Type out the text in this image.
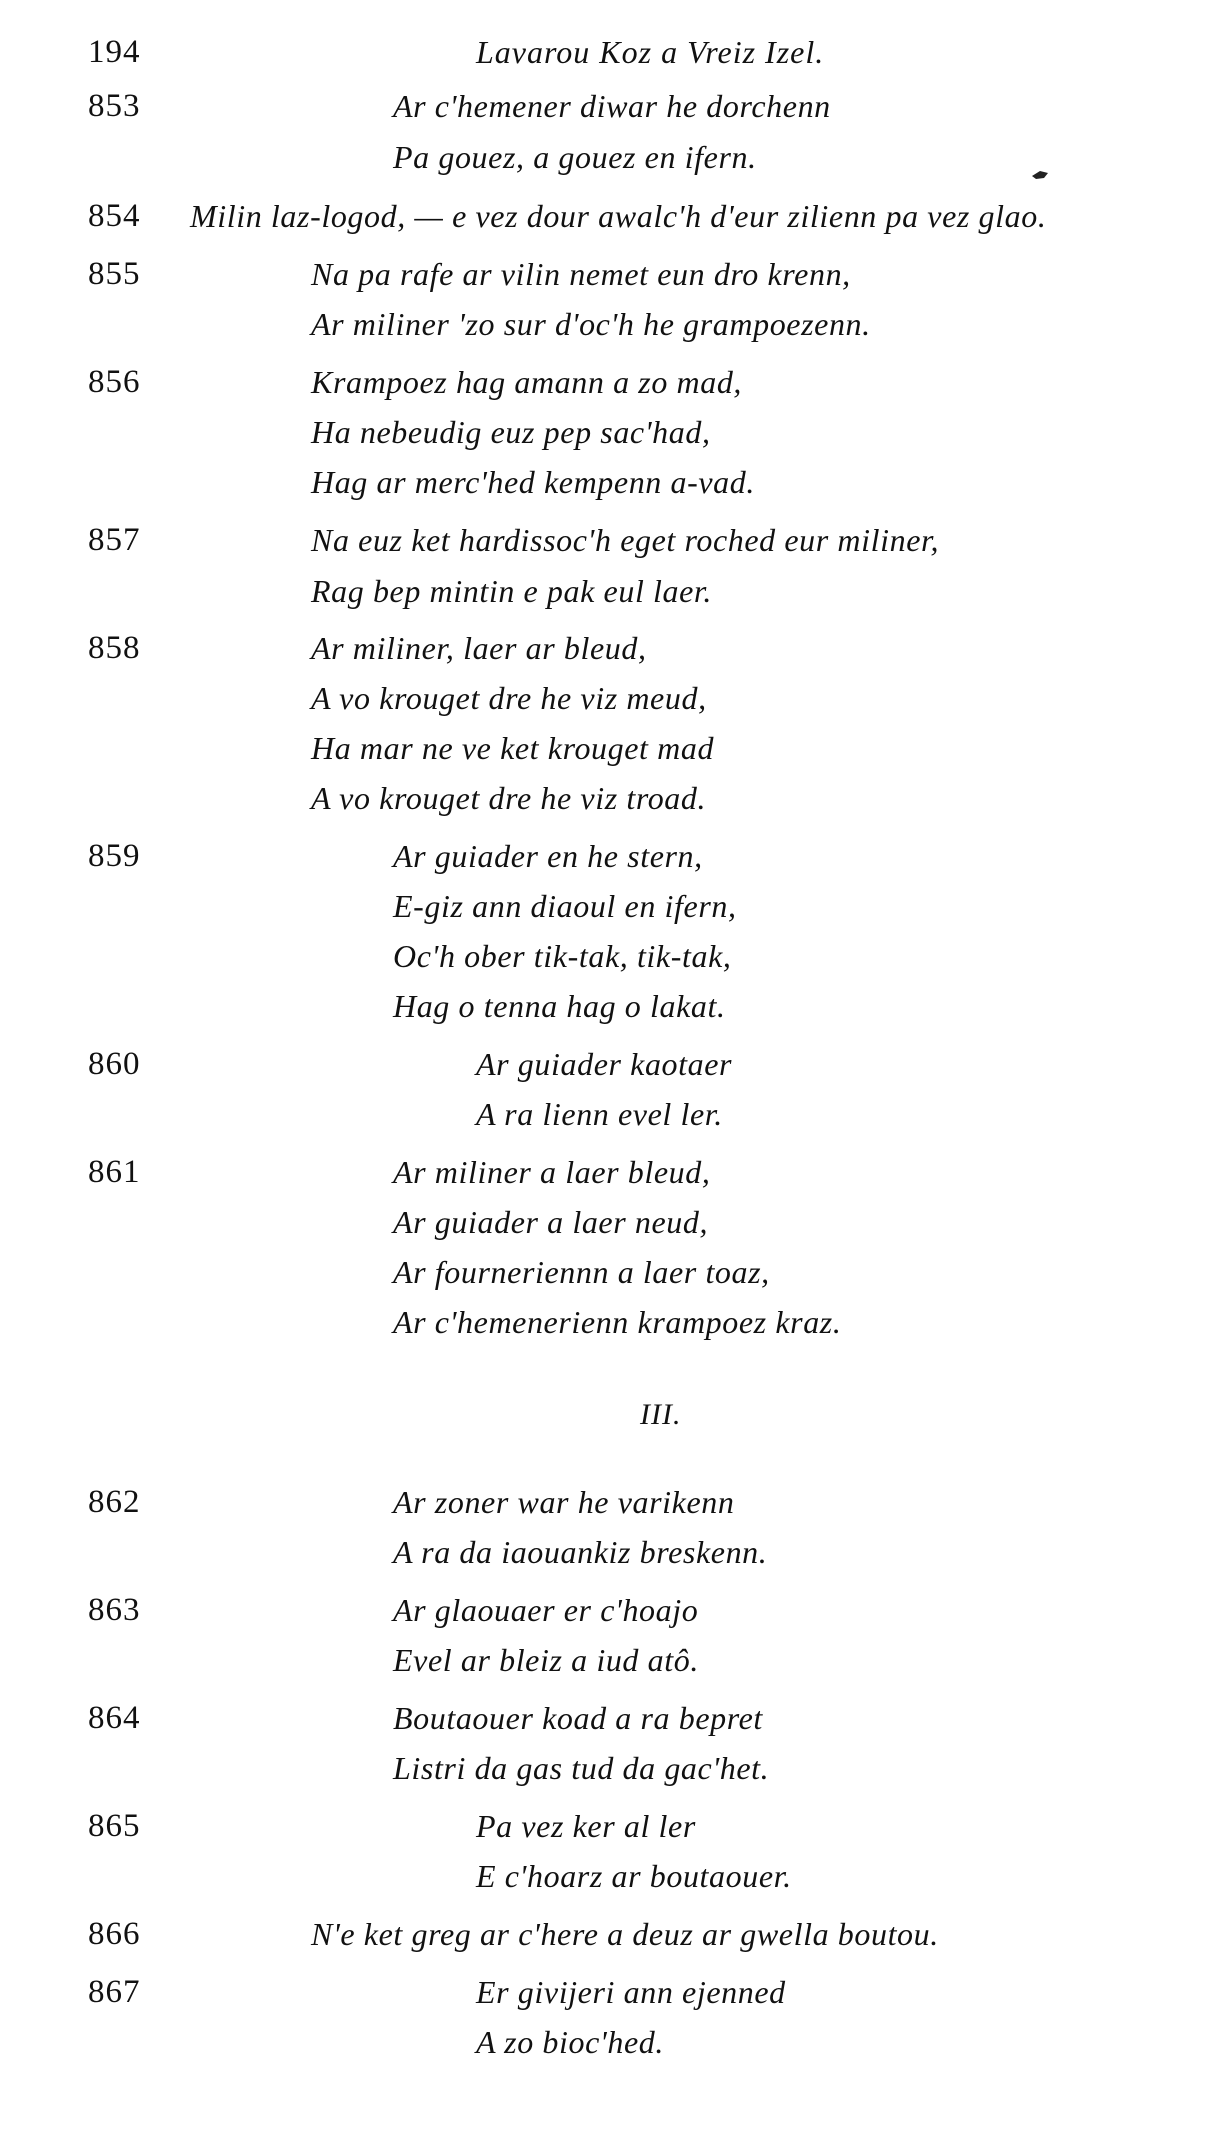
194	Lavarou Koz a Vreiz Izel.
853	Ar c'hemener diwar he dorchenn
Pa gouez, a gouez en ifern.
854 Milin laz-logod, — e vez dour awalc'h d'eur zilienn pa vez glao.
855	Na pa rafe ar vilin nemet eun dro krenn,
Ar miliner 'zo sur d'oc'h he grampoezenn.
856	Krampoez hag amann a zo mad,
Ha nebeudig euz pep sac'had,
Hag ar merc'hed kempenn a-vad.
857	Na euz ket hardissoc'h eget roched eur miliner,
Rag bep mintin e pak eul laer.
858	Ar miliner, laer ar bleud,
A vo krouget dre he viz meud,
Ha mar ne ve ket krouget mad
A vo krouget dre he viz troad.
859	Ar guiader en he stern,
E-giz ann diaoul en ifern,
Oc'h ober tik-tak, tik-tak,
Hag o tenna hag o lakat.
860	Ar guiader kaotaer
A ra lienn evel ler.
861	Ar miliner a laer bleud,
Ar guiader a laer neud,
Ar fourneriennn a laer toaz,
Ar c'hemenerienn krampoez kraz.
III.
862	Ar zoner war he varikenn
A ra da iaouankiz breskenn.
863	Ar glaouaer er c'hoajo
Evel ar bleiz a iud atô.
864	Boutaouer koad a ra bepret
Listri da gas tud da gac'het.
865	Pa vez ker al ler
E c'hoarz ar boutaouer.
866	N'e ket greg ar c'here a deuz ar gwella boutou.
867	Er givijeri ann ejenned
A zo bioc'hed.
